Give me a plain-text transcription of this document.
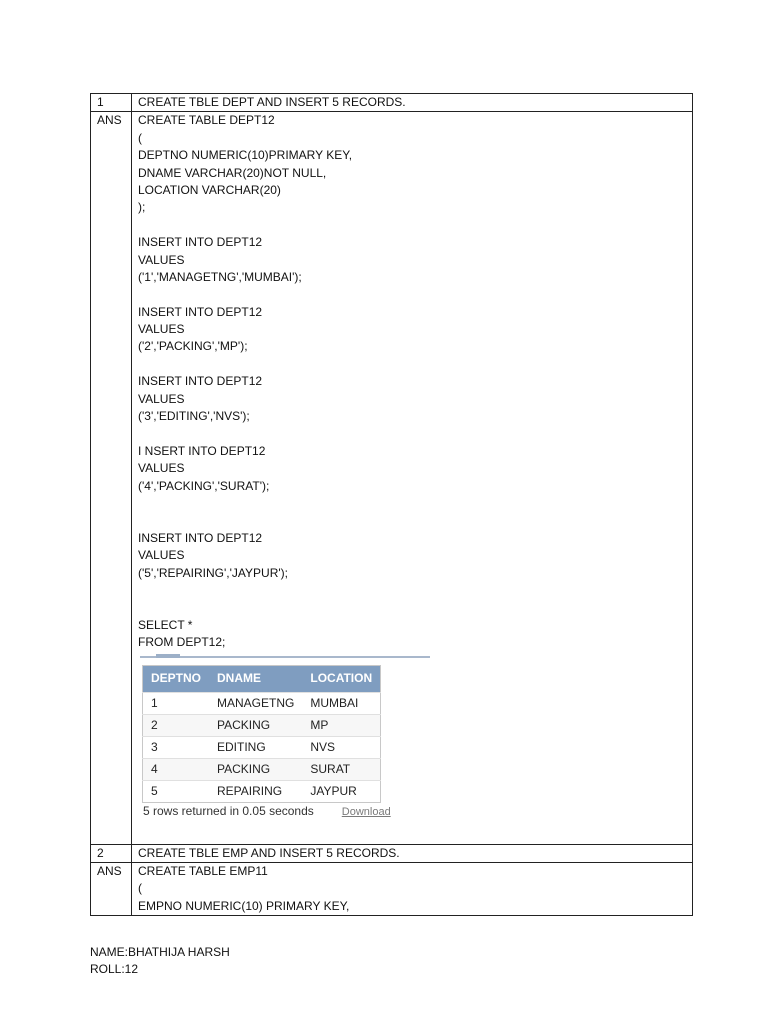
1	CREATE TBLE DEPT AND INSERT 5 RECORDS.
ANS	CREATE TABLE DEPT12
(
DEPTNO NUMERIC(10)PRIMARY KEY,
DNAME VARCHAR(20)NOT NULL,
LOCATION VARCHAR(20)
);
INSERT INTO DEPT12
VALUES
('1','MANAGETNG','MUMBAI');
INSERT INTO DEPT12
VALUES
('2','PACKING','MP');
INSERT INTO DEPT12
VALUES
('3','EDITING','NVS');
I NSERT INTO DEPT12
VALUES
('4','PACKING','SURAT');
INSERT INTO DEPT12
VALUES
('5','REPAIRING','JAYPUR');
SELECT *
FROM DEPT12;
DEPTNO	DNAME	LOCATION
1	MANAGETNG	MUMBAI
2	PACKING	MP
3	EDITING	NVS
4	PACKING	SURAT
5	REPAIRING	JAYPUR
5 rows returned in 0.05 seconds	Download

2	CREATE TBLE EMP AND INSERT 5 RECORDS.
ANS	CREATE TABLE EMP11
(
EMPNO NUMERIC(10) PRIMARY KEY,
NAME:BHATHIJA HARSH
ROLL:12
